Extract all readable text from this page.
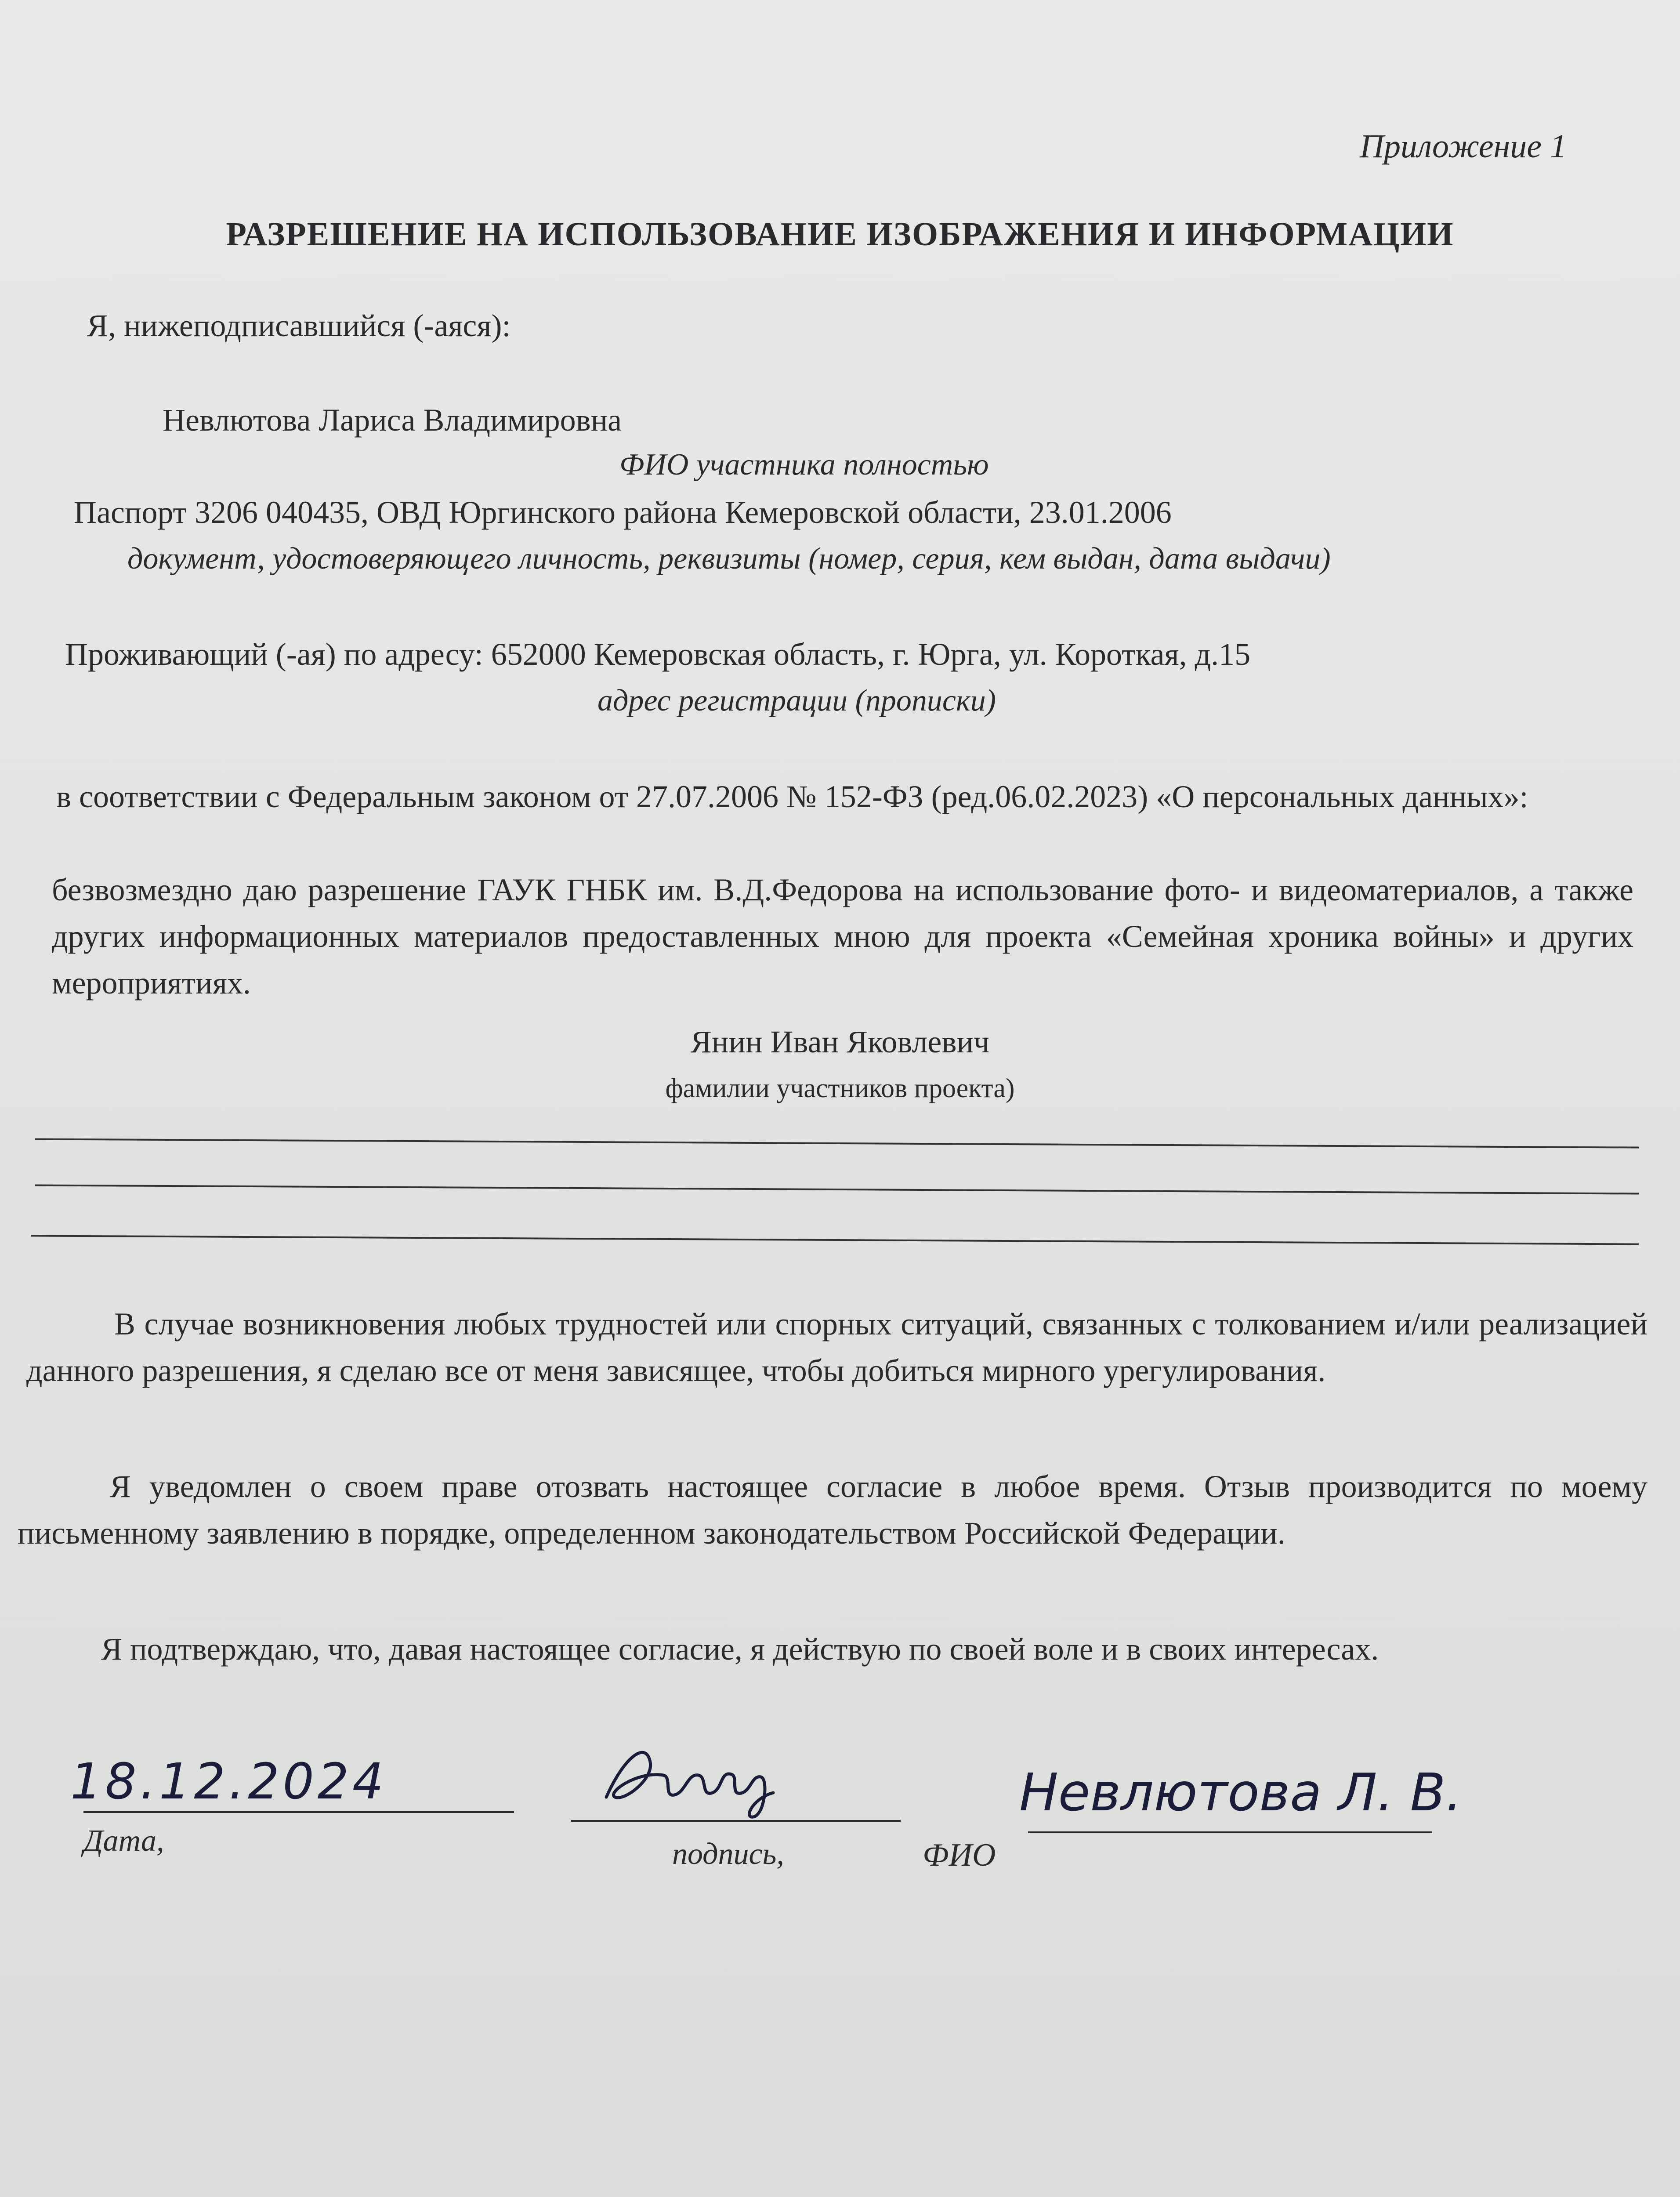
Приложение 1
РАЗРЕШЕНИЕ НА ИСПОЛЬЗОВАНИЕ ИЗОБРАЖЕНИЯ И ИНФОРМАЦИИ
Я, нижеподписавшийся (-аяся):
Невлютова Лариса Владимировна
ФИО участника полностью
Паспорт 3206 040435, ОВД Юргинского района Кемеровской области, 23.01.2006
документ, удостоверяющего личность, реквизиты (номер, серия, кем выдан, дата выдачи)
Проживающий (-ая) по адресу: 652000 Кемеровская область, г. Юрга, ул. Короткая, д.15
адрес регистрации (прописки)
в соответствии с Федеральным законом от 27.07.2006 № 152-ФЗ (ред.06.02.2023) «О персональных данных»:
безвозмездно даю разрешение ГАУК ГНБК им. В.Д.Федорова на использование фото- и видеоматериалов, а также других информационных материалов предоставленных мною для проекта «Семейная хроника войны» и других мероприятиях.
Янин Иван Яковлевич
фамилии участников проекта)
В случае возникновения любых трудностей или спорных ситуаций, связанных с толкованием и/или реализацией данного разрешения, я сделаю все от меня зависящее, чтобы добиться мирного урегулирования.
Я уведомлен о своем праве отозвать настоящее согласие в любое время. Отзыв производится по моему письменному заявлению в порядке, определенном законодательством Российской Федерации.
Я подтверждаю, что, давая настоящее согласие, я действую по своей воле и в своих интересах.
18.12.2024
Дата,	подпись,	ФИО
Невлютова Л. В.
